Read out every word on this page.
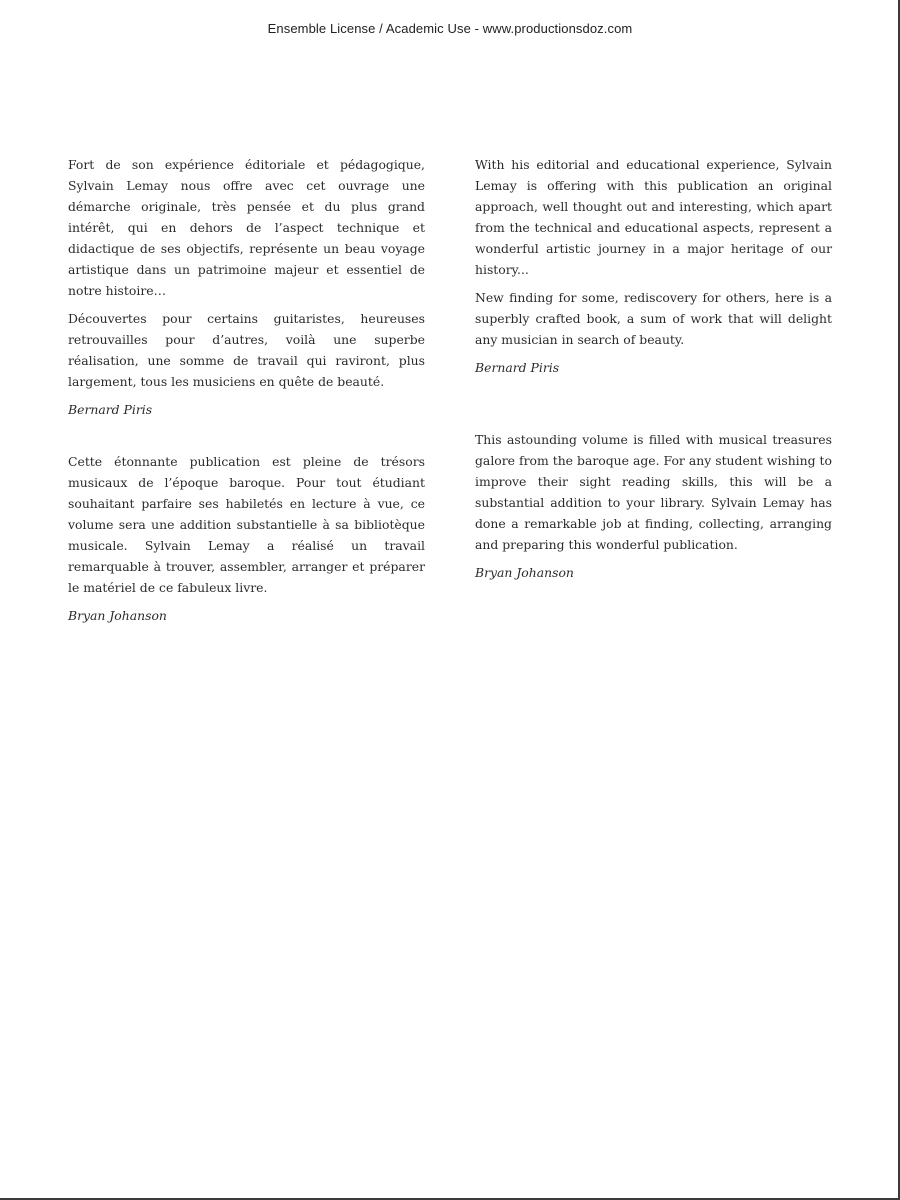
Ensemble License / Academic Use - www.productionsdoz.com

Fort de son expérience éditoriale et pédagogique, Sylvain Lemay nous offre avec cet ouvrage une démarche originale, très pensée et du plus grand intérêt, qui en dehors de l’aspect technique et didactique de ses objectifs, représente un beau voyage artistique dans un patrimoine majeur et essentiel de notre histoire…

Découvertes pour certains guitaristes, heureuses retrouvailles pour d’autres, voilà une superbe réalisation, une somme de travail qui raviront, plus largement, tous les musiciens en quête de beauté.

Bernard Piris

With his editorial and educational experience, Sylvain Lemay is offering with this publication an original approach, well thought out and interesting, which apart from the technical and educational aspects, represent a wonderful artistic journey in a major heritage of our history...

New finding for some, rediscovery for others, here is a superbly crafted book, a sum of work that will delight any musician in search of beauty.

Bernard Piris

Cette étonnante publication est pleine de trésors musicaux de l’époque baroque. Pour tout étudiant souhaitant parfaire ses habiletés en lecture à vue, ce volume sera une addition substantielle à sa bibliotèque musicale. Sylvain Lemay a réalisé un travail remarquable à trouver, assembler, arranger et préparer le matériel de ce fabuleux livre.

Bryan Johanson

This astounding volume is filled with musical treasures galore from the baroque age. For any student wishing to improve their sight reading skills, this will be a substantial addition to your library. Sylvain Lemay has done a remarkable job at finding, collecting, arranging and preparing this wonderful publication.

Bryan Johanson
